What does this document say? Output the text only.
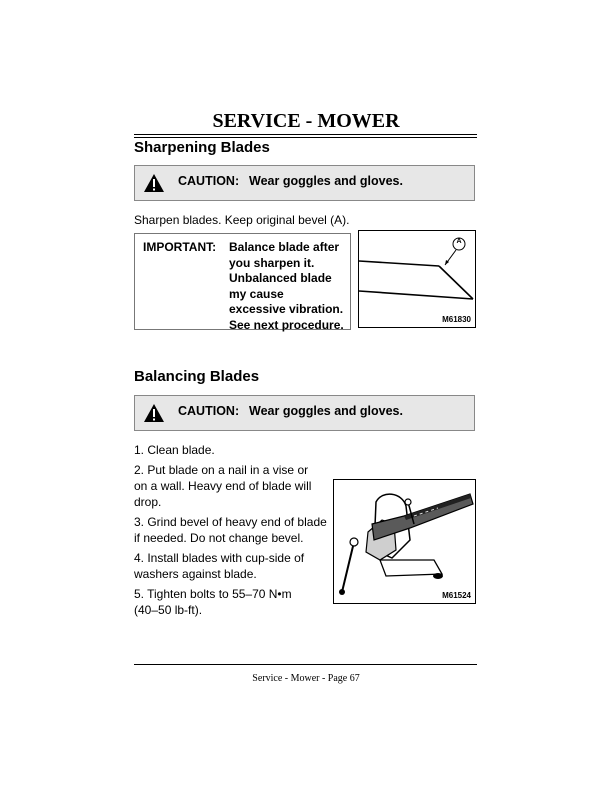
SERVICE - MOWER
Sharpening Blades
CAUTION: Wear goggles and gloves.
Sharpen blades. Keep original bevel (A).
IMPORTANT: Balance blade after
you sharpen it.
Unbalanced blade
my cause
excessive vibration.
See next procedure.
A
M61830
Balancing Blades
CAUTION: Wear goggles and gloves.
1. Clean blade.
2. Put blade on a nail in a vise or
on a wall. Heavy end of blade will
drop.
3. Grind bevel of heavy end of blade
if needed. Do not change bevel.
4. Install blades with cup-side of
washers against blade.
5. Tighten bolts to 55–70 N•m
(40–50 lb-ft).
M61524
Service - Mower - Page 67
